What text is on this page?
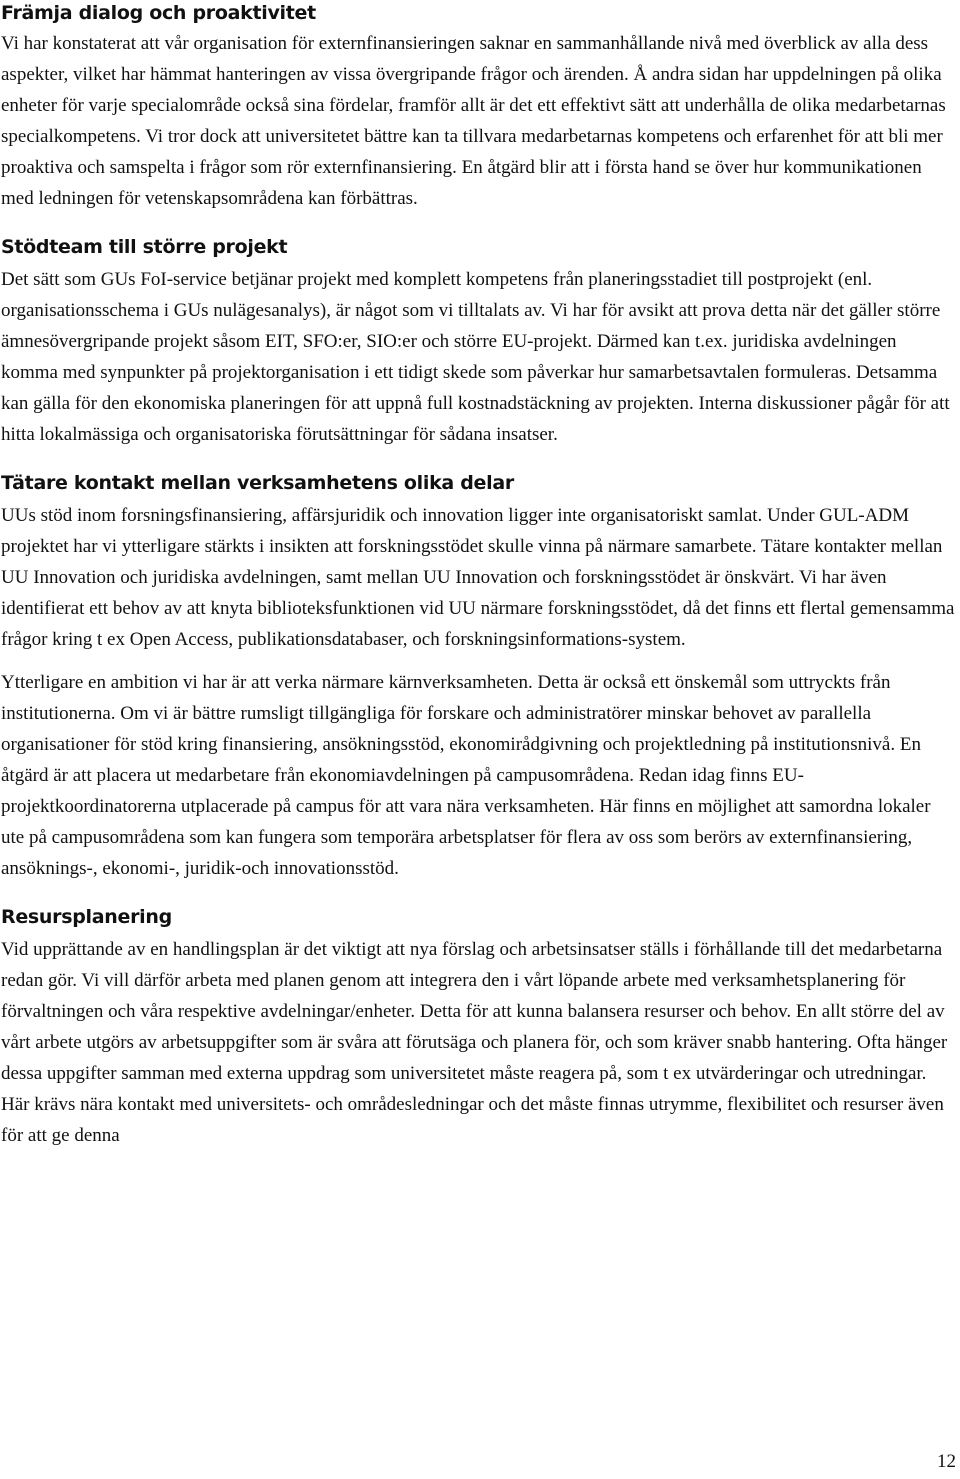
Främja dialog och proaktivitet

Vi har konstaterat att vår organisation för externfinansieringen saknar en sammanhållande nivå med överblick av alla dess aspekter, vilket har hämmat hanteringen av vissa övergripande frågor och ärenden. Å andra sidan har uppdelningen på olika enheter för varje specialområde också sina fördelar, framför allt är det ett effektivt sätt att underhålla de olika medarbetarnas specialkompetens. Vi tror dock att universitetet bättre kan ta tillvara medarbetarnas kompetens och erfarenhet för att bli mer proaktiva och samspelta i frågor som rör externfinansiering. En åtgärd blir att i första hand se över hur kommunikationen med ledningen för vetenskapsområdena kan förbättras.

Stödteam till större projekt

Det sätt som GUs FoI-service betjänar projekt med komplett kompetens från planeringsstadiet till postprojekt (enl. organisationsschema i GUs nulägesanalys), är något som vi tilltalats av. Vi har för avsikt att prova detta när det gäller större ämnesövergripande projekt såsom EIT, SFO:er, SIO:er och större EU-projekt. Därmed kan t.ex. juridiska avdelningen komma med synpunkter på projektorganisation i ett tidigt skede som påverkar hur samarbetsavtalen formuleras. Detsamma kan gälla för den ekonomiska planeringen för att uppnå full kostnadstäckning av projekten. Interna diskussioner pågår för att hitta lokalmässiga och organisatoriska förutsättningar för sådana insatser.

Tätare kontakt mellan verksamhetens olika delar

UUs stöd inom forsningsfinansiering, affärsjuridik och innovation ligger inte organisatoriskt samlat. Under GUL-ADM projektet har vi ytterligare stärkts i insikten att forskningsstödet skulle vinna på närmare samarbete. Tätare kontakter mellan UU Innovation och juridiska avdelningen, samt mellan UU Innovation och forskningsstödet är önskvärt. Vi har även identifierat ett behov av att knyta biblioteksfunktionen vid UU närmare forskningsstödet, då det finns ett flertal gemensamma frågor kring t ex Open Access, publikationsdatabaser, och forskningsinformations-system.

Ytterligare en ambition vi har är att verka närmare kärnverksamheten. Detta är också ett önskemål som uttryckts från institutionerna. Om vi är bättre rumsligt tillgängliga för forskare och administratörer minskar behovet av parallella organisationer för stöd kring finansiering, ansökningsstöd, ekonomirådgivning och projektledning på institutionsnivå. En åtgärd är att placera ut medarbetare från ekonomiavdelningen på campusområdena. Redan idag finns EU-projektkoordinatorerna utplacerade på campus för att vara nära verksamheten. Här finns en möjlighet att samordna lokaler ute på campusområdena som kan fungera som temporära arbetsplatser för flera av oss som berörs av externfinansiering, ansöknings-, ekonomi-, juridik-och innovationsstöd.

Resursplanering

Vid upprättande av en handlingsplan är det viktigt att nya förslag och arbetsinsatser ställs i förhållande till det medarbetarna redan gör. Vi vill därför arbeta med planen genom att integrera den i vårt löpande arbete med verksamhetsplanering för förvaltningen och våra respektive avdelningar/enheter. Detta för att kunna balansera resurser och behov. En allt större del av vårt arbete utgörs av arbetsuppgifter som är svåra att förutsäga och planera för, och som kräver snabb hantering. Ofta hänger dessa uppgifter samman med externa uppdrag som universitetet måste reagera på, som t ex utvärderingar och utredningar. Här krävs nära kontakt med universitets- och områdesledningar och det måste finnas utrymme, flexibilitet och resurser även för att ge denna

12
